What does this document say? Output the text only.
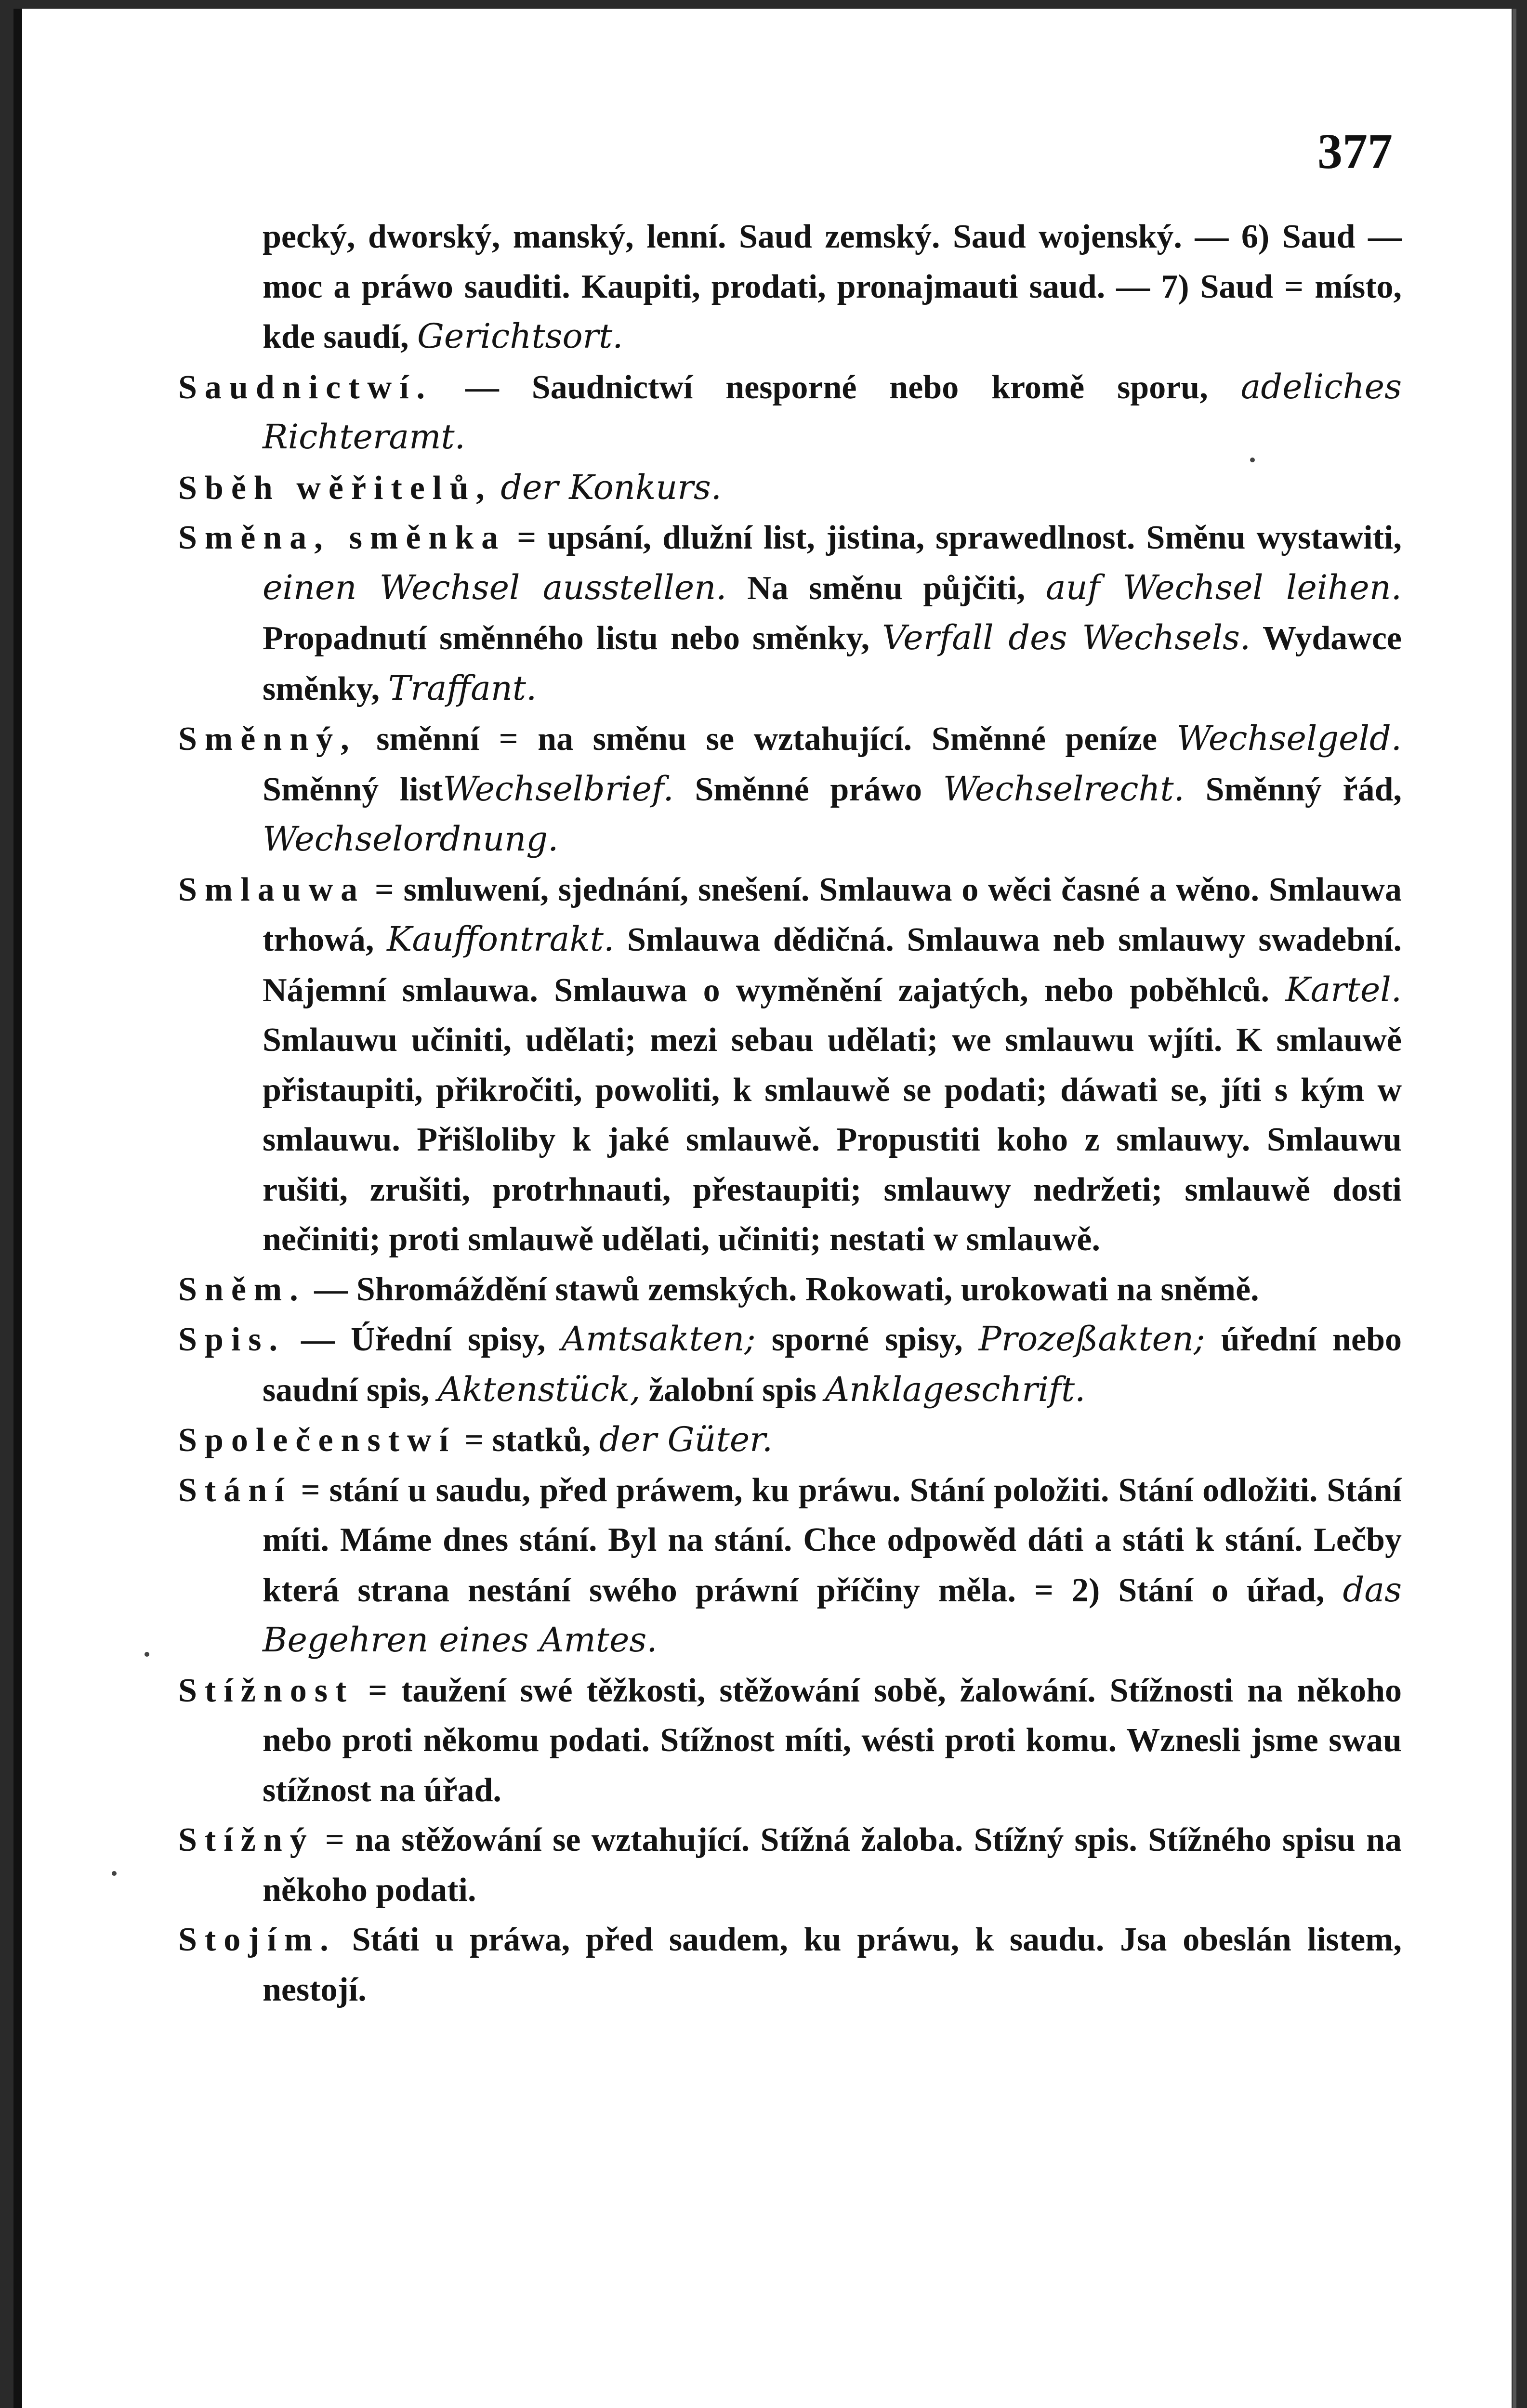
377
pecký, dworský, manský, lenní. Saud zemský. Saud wojenský. — 6) Saud — moc a práwo sauditi. Kaupiti, prodati, pronajmauti saud. — 7) Saud = místo, kde saudí, Gerichtsort.
Saudnictwí. — Saudnictwí nesporné nebo kromě sporu, adeliches Richteramt.
Sběh wěřitelů, der Konkurs.
Směna, směnka = upsání, dlužní list, jistina, sprawedlnost. Směnu wystawiti, einen Wechsel ausstellen. Na směnu půjčiti, auf Wechsel leihen. Propadnutí směnného listu nebo směnky, Verfall des Wechsels. Wydawce směnky, Traffant.
Směnný, směnní = na směnu se wztahující. Směnné peníze Wechselgeld. Směnný listWechselbrief. Směnné práwo Wechselrecht. Směnný řád, Wechselordnung.
Smlauwa = smluwení, sjednání, snešení. Smlauwa o wěci časné a wěno. Smlauwa trhowá, Kauffontrakt. Smlauwa dědičná. Smlauwa neb smlauwy swadební. Nájemní smlauwa. Smlauwa o wyměnění zajatých, nebo poběhlců. Kartel. Smlauwu učiniti, udělati; mezi sebau udělati; we smlauwu wjíti. K smlauwě přistaupiti, přikročiti, powoliti, k smlauwě se podati; dáwati se, jíti s kým w smlauwu. Přišloliby k jaké smlauwě. Propustiti koho z smlauwy. Smlauwu rušiti, zrušiti, protrhnauti, přestaupiti; smlauwy nedržeti; smlauwě dosti nečiniti; proti smlauwě udělati, učiniti; nestati w smlauwě.
Sněm. — Shromáždění stawů zemských. Rokowati, urokowati na sněmě.
Spis. — Úřední spisy, Amtsakten; sporné spisy, Prozeßakten; úřední nebo saudní spis, Aktenstück, žalobní spis Anklageschrift.
Společenstwí = statků, der Güter.
Stání = stání u saudu, před práwem, ku práwu. Stání položiti. Stání odložiti. Stání míti. Máme dnes stání. Byl na stání. Chce odpowěd dáti a státi k stání. Lečby která strana nestání swého práwní příčiny měla. = 2) Stání o úřad, das Begehren eines Amtes.
Stížnost = taužení swé těžkosti, stěžowání sobě, žalowání. Stížnosti na někoho nebo proti někomu podati. Stížnost míti, wésti proti komu. Wznesli jsme swau stížnost na úřad.
Stížný = na stěžowání se wztahující. Stížná žaloba. Stížný spis. Stížného spisu na někoho podati.
Stojím. Státi u práwa, před saudem, ku práwu, k saudu. Jsa obeslán listem, nestojí.
